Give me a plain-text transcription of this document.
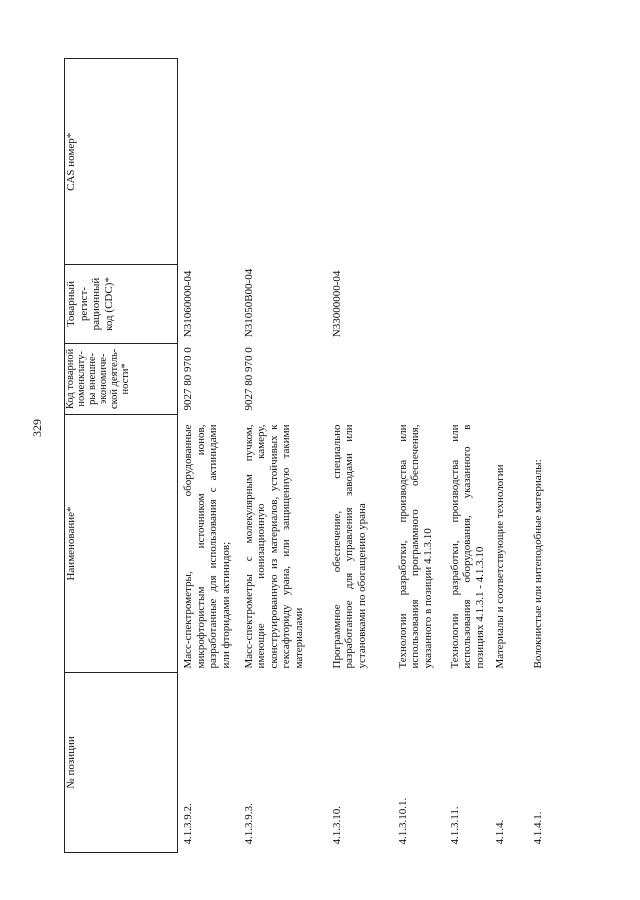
329
№ позиции	Наименование*	Код товарной номенклату-ры внешне-экономиче-ской деятель-ности*	Товарный регист-рационный код (CDC)*	CAS номер*
4.1.3.9.2.	Масс-спектрометры, оборудованные микрофтористым источником ионов, разработанные для использования с актинидами или фторидами актинидов;	9027 80 970 0	N31060000-04	
4.1.3.9.3.	Масс-спектрометры с молекулярным пучком, имеющие ионизационную камеру, сконструированную из материалов, устойчивых к гексафториду урана, или защищенную такими материалами	9027 80 970 0	N31050B00-04	
4.1.3.10.	Программное обеспечение, специально разработанное для управления заводами или установками по обогащению урана		N33000000-04	
4.1.3.10.1.	Технологии разработки, производства или использования программного обеспечения, указанного в позиции 4.1.3.10			
4.1.3.11.	Технологии разработки, производства или использования оборудования, указанного в позициях 4.1.3.1 - 4.1.3.10			
4.1.4.	Материалы и соответствующие технологии			
4.1.4.1.	Волокнистые или нитеподобные материалы:			
